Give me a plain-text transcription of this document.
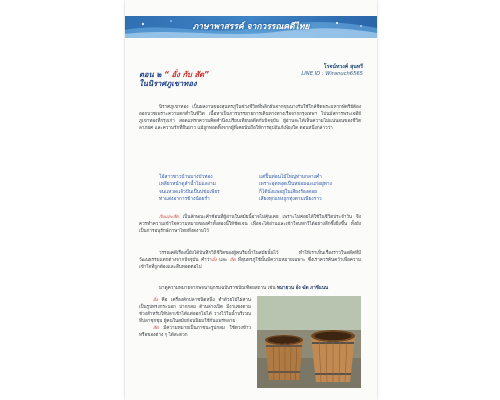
ภาษาพาสรรค์ จากวรรณคดีไทย
โรจน์ทวงค์ สุนทรี
LINE ID : Wiranuch6565
ตอน ๒ “ อั่ง กับ สัด”
ในนิราศภูเขาทอง
นิราศภูเขาทอง เป็นผลงานของสุนทรภู่ในช่วงชีวิตที่พลิกผันจากขุนนางรับใช้ใกล้ชิดพระมหากษัตริย์ต้องออกบวชเพราะความตกต่ำในชีวิต เนื้อหาเป็นการบรรยายการเดินทางทางเรือจากกรุงเทพฯ ไปนมัสการพระเจดีย์ภูเขาทองที่กรุงเก่า สอดแทรกความคิดคำนึงเปรียบเทียบอดีตกับปัจจุบัน ผู้อ่านจะได้เห็นความไม่แน่นอนของชีวิต ลาภยศ และความรักที่ยืนยาว แม้ถูกทอดทิ้งจากผู้ที่เคยนับถือให้การอุปถัมภ์เพียงใด ตอนหนึ่งกล่าวว่า
โอ้สาวชาวบ้านบางบัวทอง	แต่ปิ้นท่อนไม้ใหญ่ท่ามกลางค่ำ
เหลียวหน้าดูลำน้ำไม่แลงาม	เพราะอุดหงุดเป็นหย่อมฉะแก่อยู่ทาง
จนแหวดแจ้วปันเป็นบ่ข่มเพียร	ก็ได้นั่งแพอยู่ในเสียงร้องดอย
ท่าแต่งอาการข้างน้อยร่ำ	เสียงทุกแห่งถูกทุ่งตามเพียงราว
กับและสัด เป็นลักษณะคำซ้อนที่ผู้อ่านในสมัยนี้อาจไม่คุ้นเคย เพราะไม่ค่อยได้ใช้ในชีวิตประจำวัน จึงควรทำความเข้าใจความหมายของคำทั้งสองนี้ให้ชัดเจน เพื่อจะได้อ่านและเข้าใจบทกวีได้อย่างลึกซึ้งยิ่งขึ้น ทั้งยังเป็นการอนุรักษ์ภาษาไทยที่งดงามไว้
วรรณคดีเรื่องนี้ยังได้บันทึกวิถีชีวิตของผู้คนริมน้ำในสมัยนั้นไว้ ทำให้เราเห็นเรื่องราวในอดีตที่มีวัฒนธรรมแตกต่างจากปัจจุบัน คำว่าอั่ง และ สัด ที่สุนทรภู่ใช้นั้นมีความหมายเฉพาะ ซึ่งเราควรค้นคว้าเพื่อความเข้าใจที่ถูกต้องและสืบทอดต่อไป
มาดูความหมายจากพจนานุกรมฉบับราชบัณฑิตยสถาน เช่น หมายวน อั่ง ฆัด ภาชีแนน
อั่ง คือ เครื่องดักปลาชนิดหนึ่ง ทำด้วยไม้ไผ่สานเป็นรูปทรงกระบอก ปากกลม ด้านล่างเปิด มีงาแซงตามช่วงสำหรับให้ปลาเข้าได้แต่ออกไม่ได้ วางไว้ในน้ำบริเวณที่ปลาชุกชุม ผู้คนในสมัยก่อนนิยมใช้กันแพร่หลาย
สัด มีความหมายเป็นภาชนะรูปกลม ใช้ตวงข้าวหรือของต่าง ๆ ได้สะดวก
